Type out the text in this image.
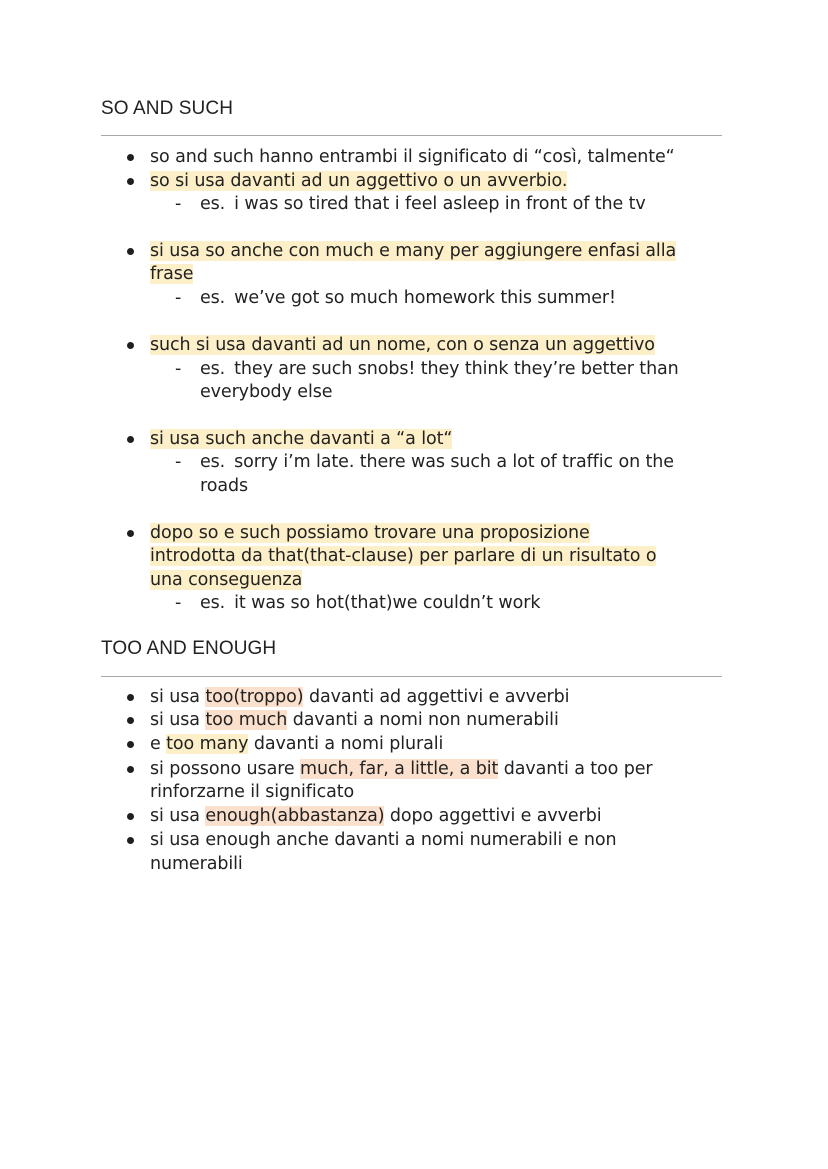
SO AND SUCH
so and such hanno entrambi il significato di “così, talmente“
so si usa davanti ad un aggettivo o un avverbio.
- es. i was so tired that i feel asleep in front of the tv
si usa so anche con much e many per aggiungere enfasi alla
frase
- es. we’ve got so much homework this summer!
such si usa davanti ad un nome, con o senza un aggettivo
- es. they are such snobs! they think they’re better than
everybody else
si usa such anche davanti a “a lot“
- es. sorry i’m late. there was such a lot of traffic on the
roads
dopo so e such possiamo trovare una proposizione
introdotta da that(that-clause) per parlare di un risultato o
una conseguenza
- es. it was so hot(that)we couldn’t work
TOO AND ENOUGH
si usa too(troppo) davanti ad aggettivi e avverbi
si usa too much davanti a nomi non numerabili
e too many davanti a nomi plurali
si possono usare much, far, a little, a bit davanti a too per
rinforzarne il significato
si usa enough(abbastanza) dopo aggettivi e avverbi
si usa enough anche davanti a nomi numerabili e non
numerabili
